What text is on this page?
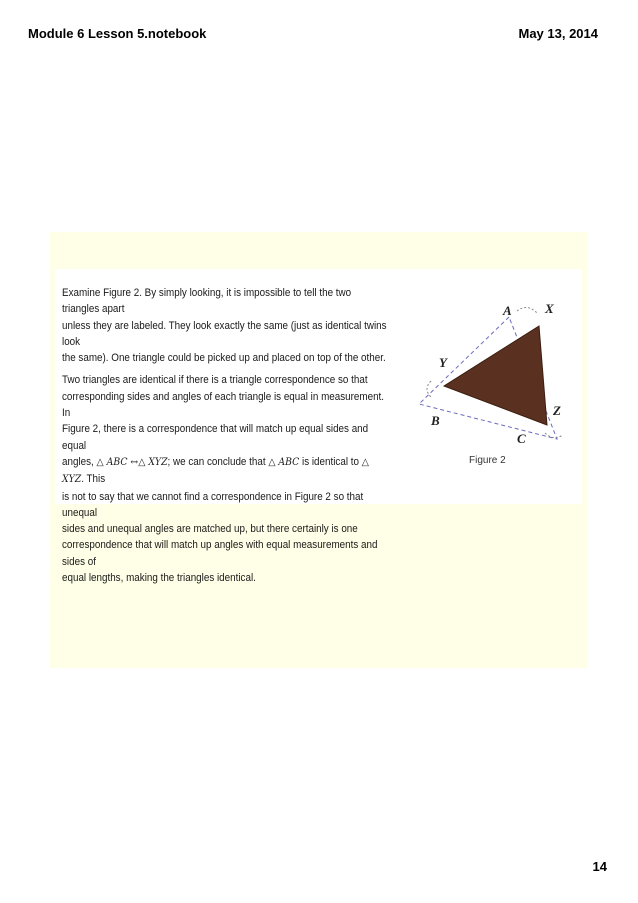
Module 6 Lesson 5.notebook	May 13, 2014

Examine Figure 2. By simply looking, it is impossible to tell the two triangles apart
unless they are labeled. They look exactly the same (just as identical twins look
the same). One triangle could be picked up and placed on top of the other.

Two triangles are identical if there is a triangle correspondence so that
corresponding sides and angles of each triangle is equal in measurement. In
Figure 2, there is a correspondence that will match up equal sides and equal
angles, △ ABC ↔△ XYZ; we can conclude that △ ABC is identical to △ XYZ. This
is not to say that we cannot find a correspondence in Figure 2 so that unequal
sides and unequal angles are matched up, but there certainly is one
correspondence that will match up angles with equal measurements and sides of
equal lengths, making the triangles identical.

A	X
Y
Z
B
C
Figure 2
14
